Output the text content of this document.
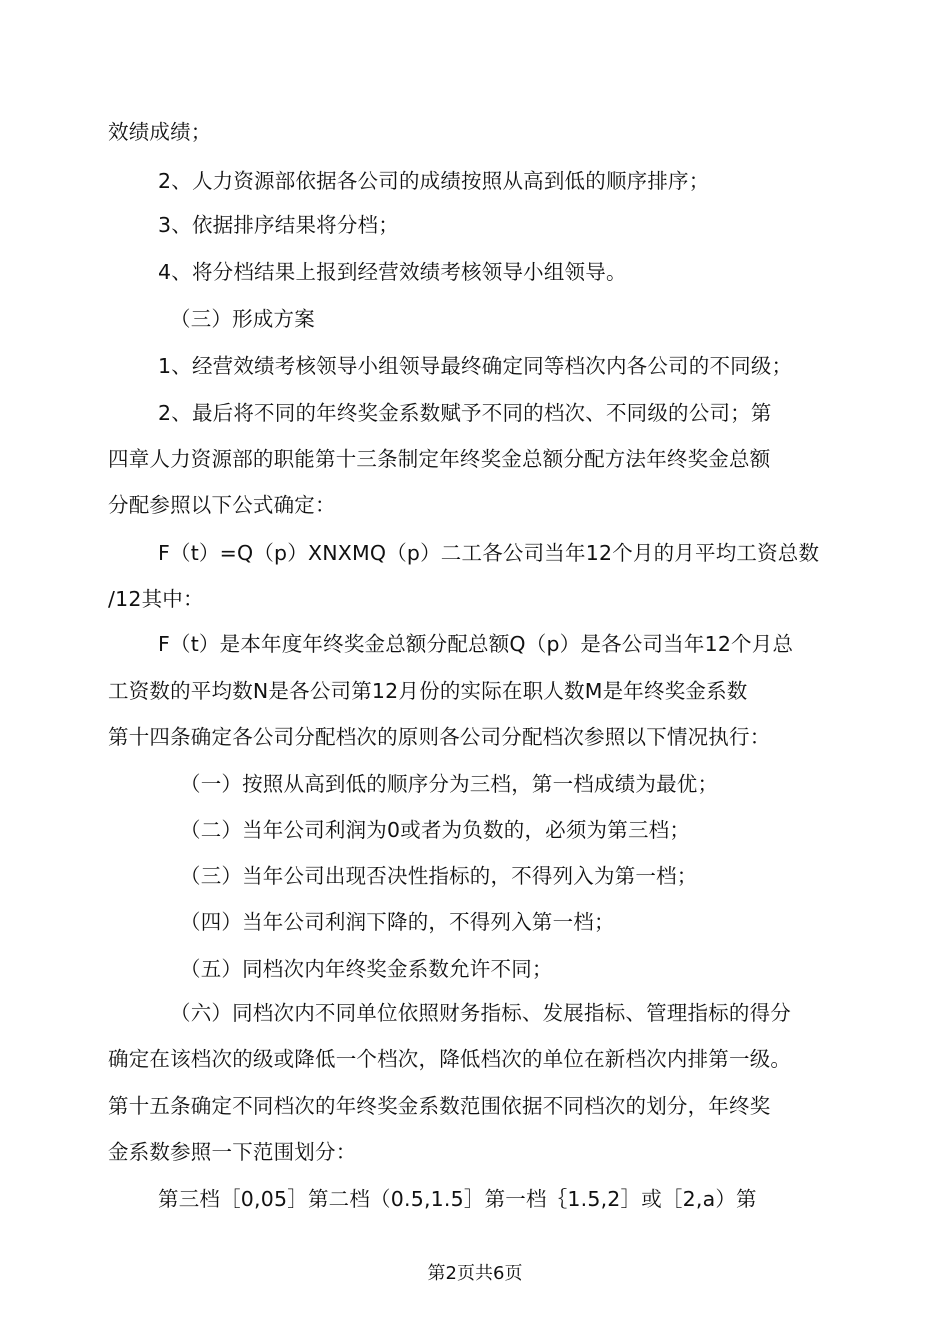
效绩成绩；
2、人力资源部依据各公司的成绩按照从高到低的顺序排序；
3、依据排序结果将分档；
4、将分档结果上报到经营效绩考核领导小组领导。
（三）形成方案
1、经营效绩考核领导小组领导最终确定同等档次内各公司的不同级；
2、最后将不同的年终奖金系数赋予不同的档次、不同级的公司；第
四章人力资源部的职能第十三条制定年终奖金总额分配方法年终奖金总额
分配参照以下公式确定：
F（t）=Q（p）XNXMQ（p）二工各公司当年12个月的月平均工资总数
/12其中：
F（t）是本年度年终奖金总额分配总额Q（p）是各公司当年12个月总
工资数的平均数N是各公司第12月份的实际在职人数M是年终奖金系数
第十四条确定各公司分配档次的原则各公司分配档次参照以下情况执行：
（一）按照从高到低的顺序分为三档，第一档成绩为最优；
（二）当年公司利润为0或者为负数的，必须为第三档；
（三）当年公司出现否决性指标的，不得列入为第一档；
（四）当年公司利润下降的，不得列入第一档；
（五）同档次内年终奖金系数允许不同；
（六）同档次内不同单位依照财务指标、发展指标、管理指标的得分
确定在该档次的级或降低一个档次，降低档次的单位在新档次内排第一级。
第十五条确定不同档次的年终奖金系数范围依据不同档次的划分，年终奖
金系数参照一下范围划分：
第三档［0,05］第二档（0.5,1.5］第一档｛1.5,2］或［2,a）第
第2页共6页
